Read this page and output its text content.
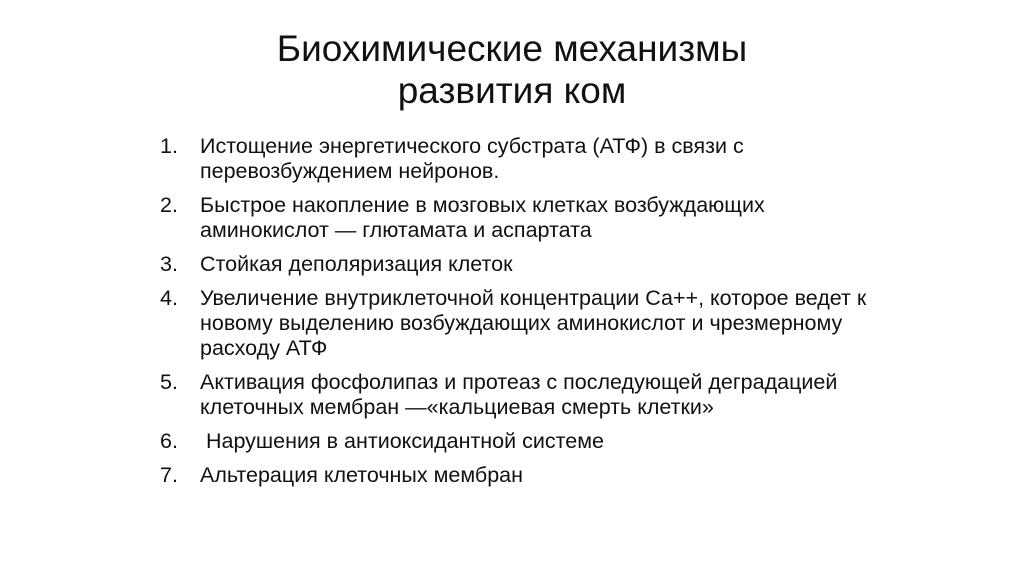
Биохимические механизмы
развития ком
1.	Истощение энергетического субстрата (АТФ) в связи с перевозбуждением нейронов.
2.	Быстрое накопление в мозговых клетках возбуждающих аминокислот — глютамата и аспартата
3.	Стойкая деполяризация клеток
4.	Увеличение внутриклеточной концентрации Са++, которое ведет к новому выделению возбуждающих аминокислот и чрезмерному расходу АТФ
5.	Активация фосфолипаз и протеаз с последующей деградацией клеточных мембран —«кальциевая смерть клетки»
6.	Нарушения в антиоксидантной системе
7.	Альтерация клеточных мембран
